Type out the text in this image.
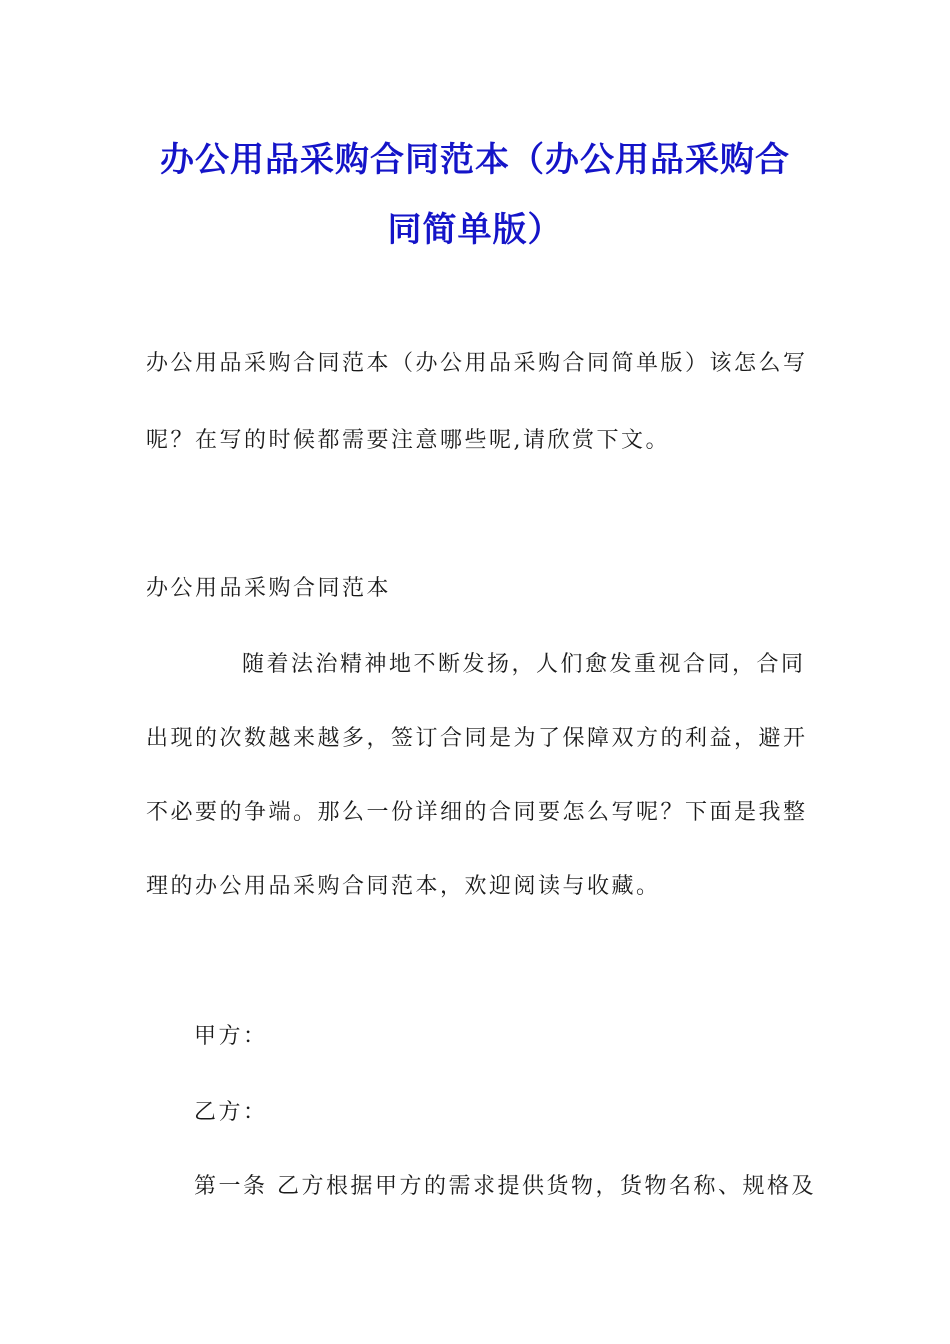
办公用品采购合同范本（办公用品采购合
同简单版）
办公用品采购合同范本（办公用品采购合同简单版）该怎么写
呢？在写的时候都需要注意哪些呢,请欣赏下文。
办公用品采购合同范本
随着法治精神地不断发扬，人们愈发重视合同，合同
出现的次数越来越多，签订合同是为了保障双方的利益，避开
不必要的争端。那么一份详细的合同要怎么写呢？下面是我整
理的办公用品采购合同范本，欢迎阅读与收藏。
甲方：
乙方：
第一条 乙方根据甲方的需求提供货物，货物名称、规格及
